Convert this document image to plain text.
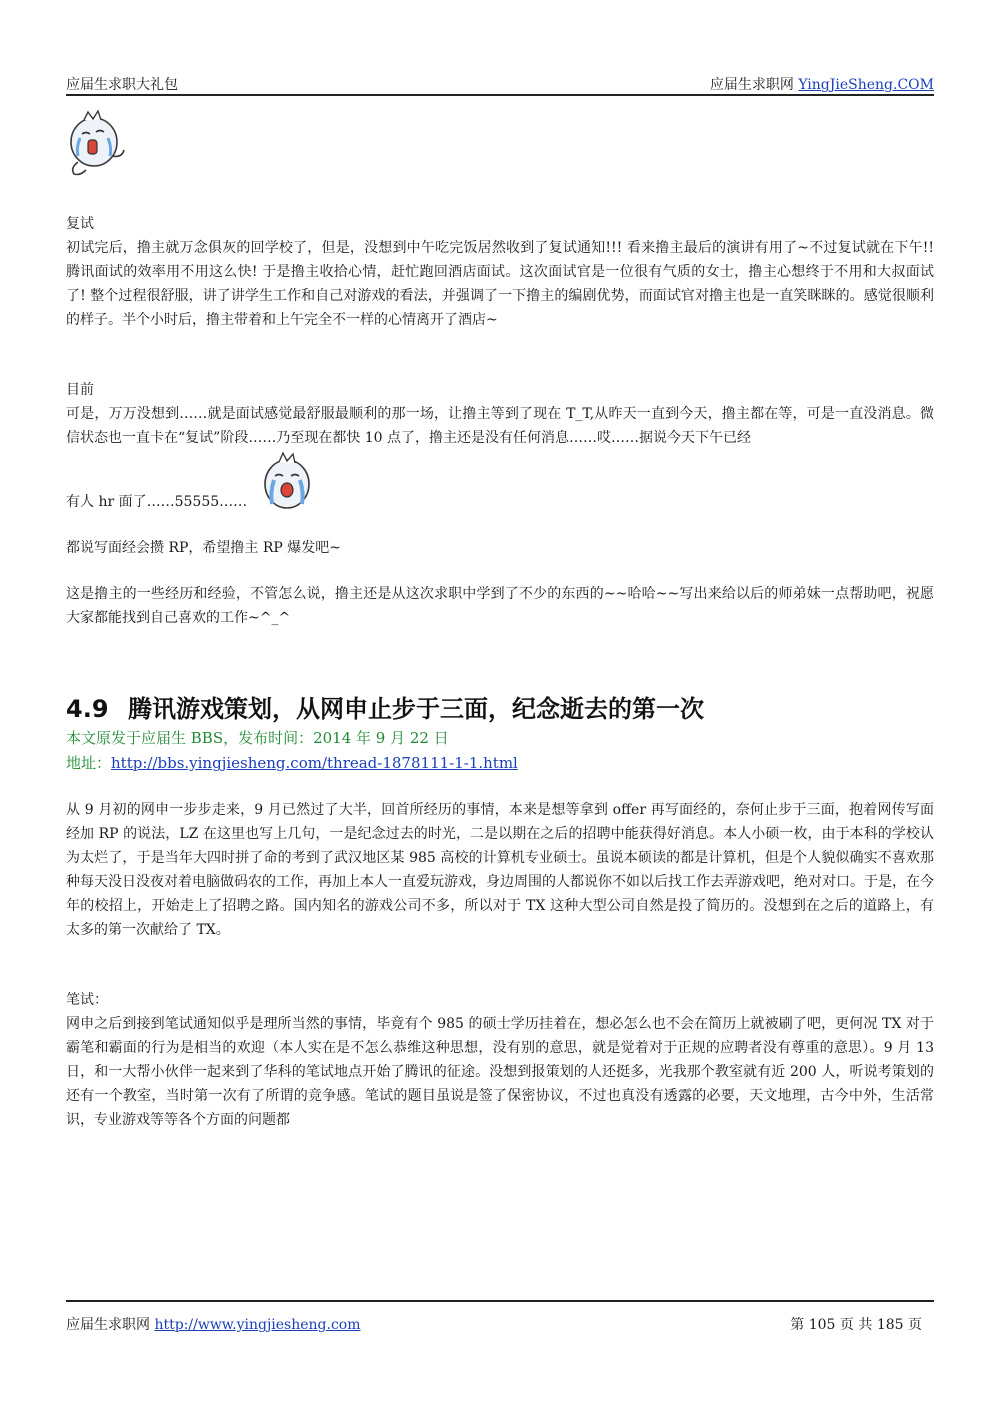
应届生求职大礼包	应届生求职网 YingJieSheng.COM

复试

初试完后，撸主就万念俱灰的回学校了，但是，没想到中午吃完饭居然收到了复试通知!!! 看来撸主最后的演讲有用了~不过复试就在下午!! 腾讯面试的效率用不用这么快! 于是撸主收拾心情，赶忙跑回酒店面试。这次面试官是一位很有气质的女士，撸主心想终于不用和大叔面试了! 整个过程很舒服，讲了讲学生工作和自己对游戏的看法，并强调了一下撸主的编剧优势，而面试官对撸主也是一直笑眯眯的。感觉很顺利的样子。半个小时后，撸主带着和上午完全不一样的心情离开了酒店~

目前

可是，万万没想到……就是面试感觉最舒服最顺利的那一场，让撸主等到了现在 T_T,从昨天一直到今天，撸主都在等，可是一直没消息。微信状态也一直卡在“复试”阶段……乃至现在都快 10 点了，撸主还是没有任何消息……哎……据说今天下午已经

有人 hr 面了……55555……

都说写面经会攒 RP，希望撸主 RP 爆发吧~

这是撸主的一些经历和经验，不管怎么说，撸主还是从这次求职中学到了不少的东西的~~哈哈~~写出来给以后的师弟妹一点帮助吧，祝愿大家都能找到自己喜欢的工作~^_^

4.9 腾讯游戏策划，从网申止步于三面，纪念逝去的第一次

本文原发于应届生 BBS，发布时间：2014 年 9 月 22 日

地址：http://bbs.yingjiesheng.com/thread-1878111-1-1.html

从 9 月初的网申一步步走来，9 月已然过了大半，回首所经历的事情，本来是想等拿到 offer 再写面经的，奈何止步于三面，抱着网传写面经加 RP 的说法，LZ 在这里也写上几句，一是纪念过去的时光，二是以期在之后的招聘中能获得好消息。本人小硕一枚，由于本科的学校认为太烂了，于是当年大四时拼了命的考到了武汉地区某 985 高校的计算机专业硕士。虽说本硕读的都是计算机，但是个人貌似确实不喜欢那种每天没日没夜对着电脑做码农的工作，再加上本人一直爱玩游戏，身边周围的人都说你不如以后找工作去弄游戏吧，绝对对口。于是，在今年的校招上，开始走上了招聘之路。国内知名的游戏公司不多，所以对于 TX 这种大型公司自然是投了简历的。没想到在之后的道路上，有太多的第一次献给了 TX。

笔试：

网申之后到接到笔试通知似乎是理所当然的事情，毕竟有个 985 的硕士学历挂着在，想必怎么也不会在简历上就被刷了吧，更何况 TX 对于霸笔和霸面的行为是相当的欢迎（本人实在是不怎么恭维这种思想，没有别的意思，就是觉着对于正规的应聘者没有尊重的意思）。9 月 13 日，和一大帮小伙伴一起来到了华科的笔试地点开始了腾讯的征途。没想到报策划的人还挺多，光我那个教室就有近 200 人，听说考策划的还有一个教室，当时第一次有了所谓的竞争感。笔试的题目虽说是签了保密协议，不过也真没有透露的必要，天文地理，古今中外，生活常识，专业游戏等等各个方面的问题都

应届生求职网 http://www.yingjiesheng.com	第 105 页 共 185 页
